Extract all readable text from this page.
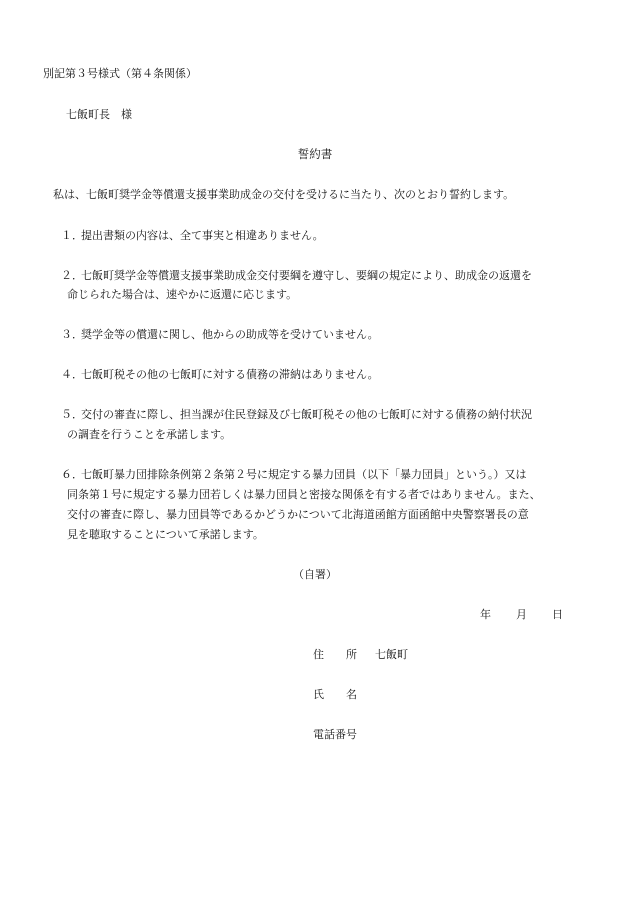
別記第３号様式（第４条関係）
七飯町長　様
誓約書
私は、七飯町奨学金等償還支援事業助成金の交付を受けるに当たり、次のとおり誓約します。
１．
提出書類の内容は、全て事実と相違ありません。
２．
七飯町奨学金等償還支援事業助成金交付要綱を遵守し、要綱の規定により、助成金の返還を
命じられた場合は、速やかに返還に応じます。
３．
奨学金等の償還に関し、他からの助成等を受けていません。
４．
七飯町税その他の七飯町に対する債務の滞納はありません。
５．
交付の審査に際し、担当課が住民登録及び七飯町税その他の七飯町に対する債務の納付状況
の調査を行うことを承諾します。
６．
七飯町暴力団排除条例第２条第２号に規定する暴力団員（以下「暴力団員」という。）又は
同条第１号に規定する暴力団若しくは暴力団員と密接な関係を有する者ではありません。また、
交付の審査に際し、暴力団員等であるかどうかについて北海道函館方面函館中央警察署長の意
見を聴取することについて承諾します。
（自署）
年 月 日
住　　所 七飯町
氏　　名
電話番号
